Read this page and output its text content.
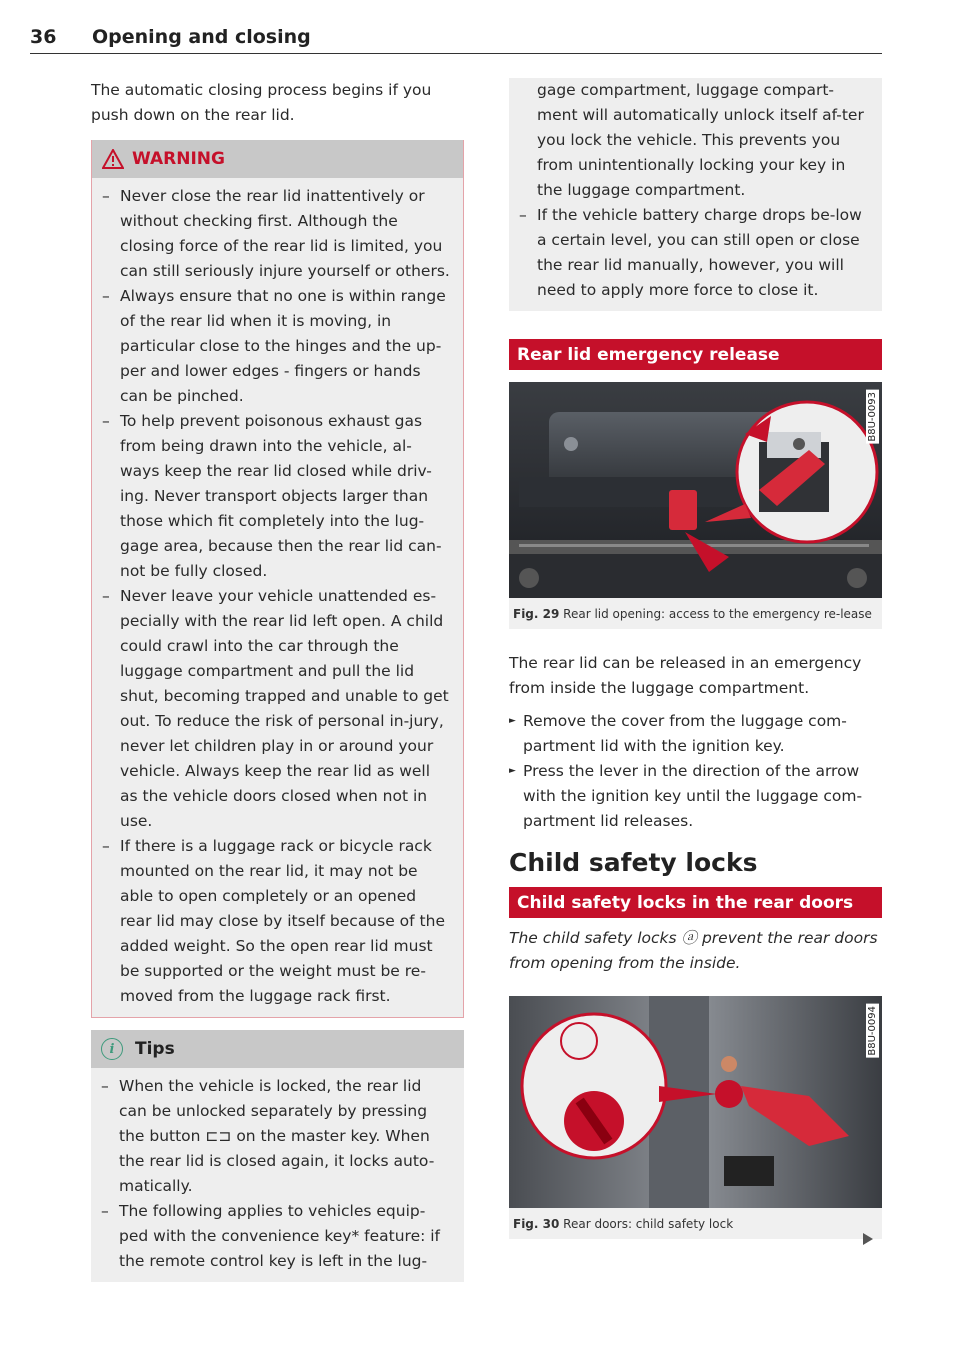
36 Opening and closing

The automatic closing process begins if you push down on the rear lid.

WARNING
– Never close the rear lid inattentively or without checking first. Although the closing force of the rear lid is limited, you can still seriously injure yourself or others.
– Always ensure that no one is within range of the rear lid when it is moving, in particular close to the hinges and the up-per and lower edges - fingers or hands can be pinched.
– To help prevent poisonous exhaust gas from being drawn into the vehicle, al-ways keep the rear lid closed while driv-ing. Never transport objects larger than those which fit completely into the lug-gage area, because then the rear lid can-not be fully closed.
– Never leave your vehicle unattended es-pecially with the rear lid left open. A child could crawl into the car through the luggage compartment and pull the lid shut, becoming trapped and unable to get out. To reduce the risk of personal in-jury, never let children play in or around your vehicle. Always keep the rear lid as well as the vehicle doors closed when not in use.
– If there is a luggage rack or bicycle rack mounted on the rear lid, it may not be able to open completely or an opened rear lid may close by itself because of the added weight. So the open rear lid must be supported or the weight must be re-moved from the luggage rack first.
i	Tips
– When the vehicle is locked, the rear lid can be unlocked separately by pressing the button ⊏⊐ on the master key. When the rear lid is closed again, it locks auto-matically.
– The following applies to vehicles equip-ped with the convenience key* feature: if the remote control key is left in the lug-

gage compartment, luggage compart-ment will automatically unlock itself af-ter you lock the vehicle. This prevents you from unintentionally locking your key in the luggage compartment.

– If the vehicle battery charge drops be-low a certain level, you can still open or close the rear lid manually, however, you will need to apply more force to close it.
Rear lid emergency release
B8U-0093
Fig. 29 Rear lid opening: access to the emergency re-lease

The rear lid can be released in an emergency from inside the luggage compartment.

► Remove the cover from the luggage com-partment lid with the ignition key.
► Press the lever in the direction of the arrow with the ignition key until the luggage com-partment lid releases.
Child safety locks
Child safety locks in the rear doors

The child safety locks ⓐ prevent the rear doors from opening from the inside.

B8U-0094
Fig. 30 Rear doors: child safety lock
